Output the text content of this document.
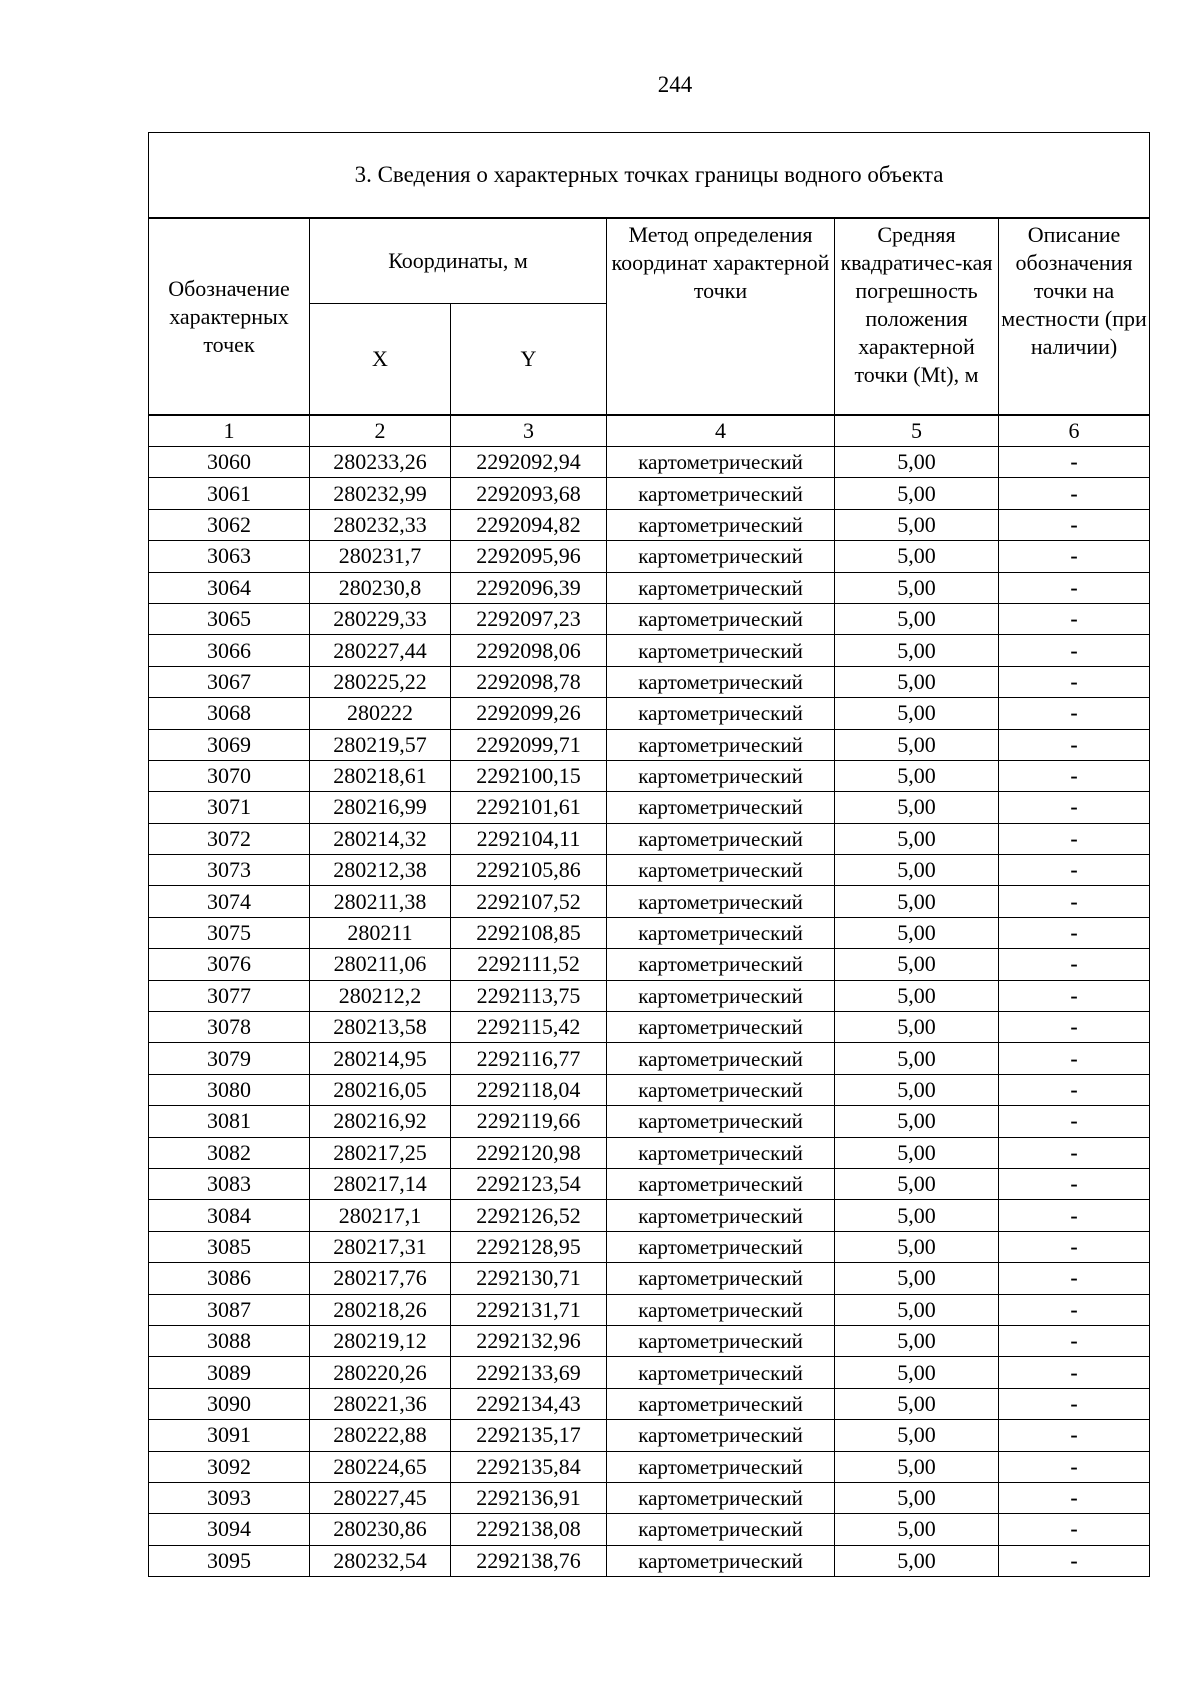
244
3. Сведения о характерных точках границы водного объекта					
Обозначение характерных точек	Координаты, м		Метод определения координат характерной точки	Средняя квадратичес-кая погрешность положения характерной точки (Mt), м	Описание обозначения точки на местности (при наличии)
	X	Y			
1	2	3	4	5	6
3060	280233,26	2292092,94	картометрический	5,00	-
3061	280232,99	2292093,68	картометрический	5,00	-
3062	280232,33	2292094,82	картометрический	5,00	-
3063	280231,7	2292095,96	картометрический	5,00	-
3064	280230,8	2292096,39	картометрический	5,00	-
3065	280229,33	2292097,23	картометрический	5,00	-
3066	280227,44	2292098,06	картометрический	5,00	-
3067	280225,22	2292098,78	картометрический	5,00	-
3068	280222	2292099,26	картометрический	5,00	-
3069	280219,57	2292099,71	картометрический	5,00	-
3070	280218,61	2292100,15	картометрический	5,00	-
3071	280216,99	2292101,61	картометрический	5,00	-
3072	280214,32	2292104,11	картометрический	5,00	-
3073	280212,38	2292105,86	картометрический	5,00	-
3074	280211,38	2292107,52	картометрический	5,00	-
3075	280211	2292108,85	картометрический	5,00	-
3076	280211,06	2292111,52	картометрический	5,00	-
3077	280212,2	2292113,75	картометрический	5,00	-
3078	280213,58	2292115,42	картометрический	5,00	-
3079	280214,95	2292116,77	картометрический	5,00	-
3080	280216,05	2292118,04	картометрический	5,00	-
3081	280216,92	2292119,66	картометрический	5,00	-
3082	280217,25	2292120,98	картометрический	5,00	-
3083	280217,14	2292123,54	картометрический	5,00	-
3084	280217,1	2292126,52	картометрический	5,00	-
3085	280217,31	2292128,95	картометрический	5,00	-
3086	280217,76	2292130,71	картометрический	5,00	-
3087	280218,26	2292131,71	картометрический	5,00	-
3088	280219,12	2292132,96	картометрический	5,00	-
3089	280220,26	2292133,69	картометрический	5,00	-
3090	280221,36	2292134,43	картометрический	5,00	-
3091	280222,88	2292135,17	картометрический	5,00	-
3092	280224,65	2292135,84	картометрический	5,00	-
3093	280227,45	2292136,91	картометрический	5,00	-
3094	280230,86	2292138,08	картометрический	5,00	-
3095	280232,54	2292138,76	картометрический	5,00	-
